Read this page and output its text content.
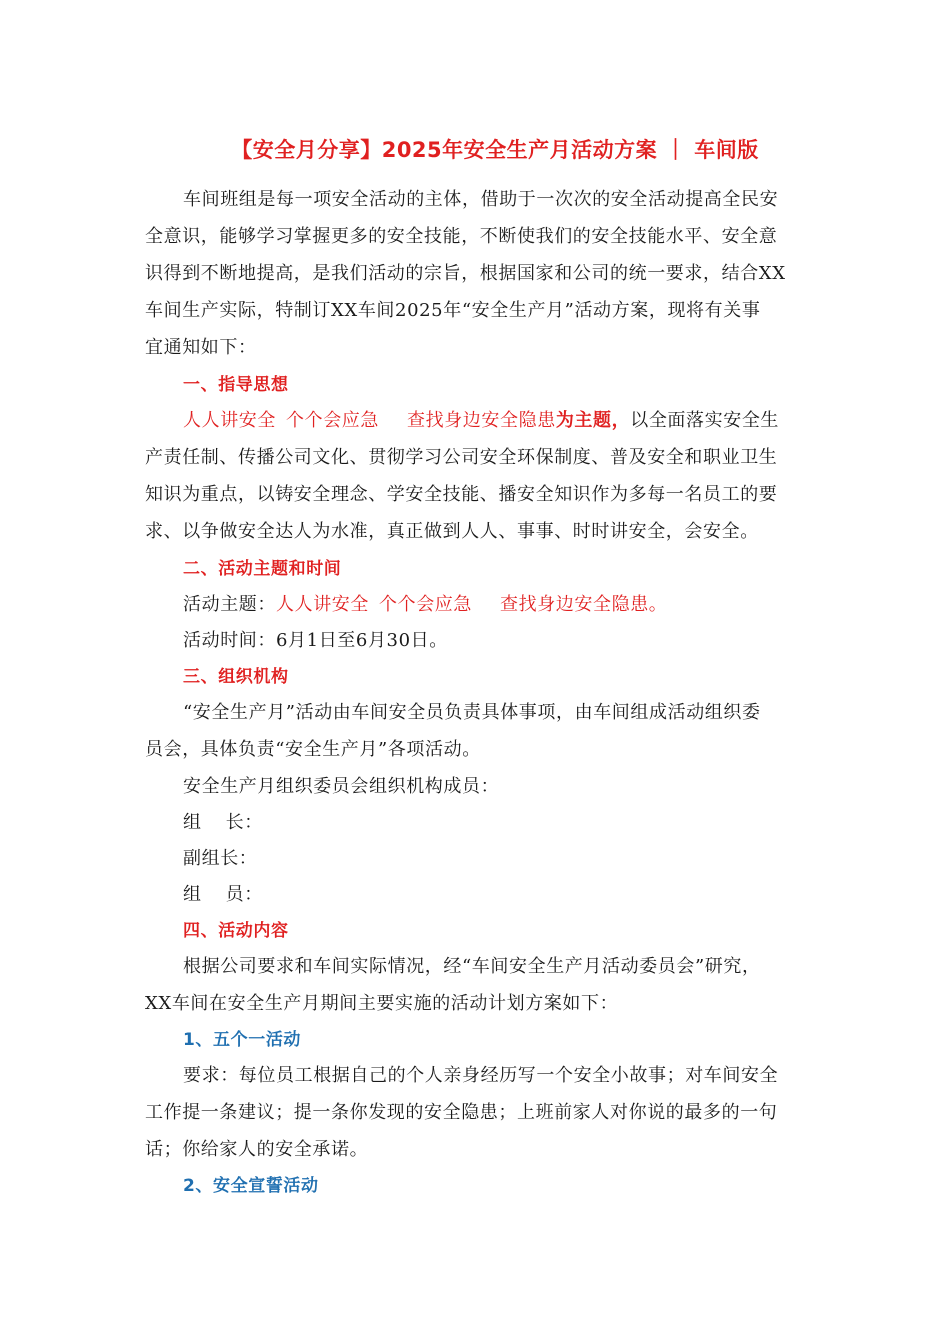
【安全月分享】2025年安全生产月活动方案 ｜ 车间版
车间班组是每一项安全活动的主体，借助于一次次的安全活动提高全民安
全意识，能够学习掌握更多的安全技能，不断使我们的安全技能水平、安全意
识得到不断地提高，是我们活动的宗旨，根据国家和公司的统一要求，结合XX
车间生产实际，特制订XX车间2025年“安全生产月”活动方案，现将有关事
宜通知如下：
一、指导思想
人人讲安全 个个会应急 查找身边安全隐患为主题，以全面落实安全生
产责任制、传播公司文化、贯彻学习公司安全环保制度、普及安全和职业卫生
知识为重点，以铸安全理念、学安全技能、播安全知识作为多每一名员工的要
求、以争做安全达人为水准，真正做到人人、事事、时时讲安全，会安全。
二、活动主题和时间
活动主题：人人讲安全 个个会应急 查找身边安全隐患。
活动时间：6月1日至6月30日。
三、组织机构
“安全生产月”活动由车间安全员负责具体事项，由车间组成活动组织委
员会，具体负责“安全生产月”各项活动。
安全生产月组织委员会组织机构成员：
组 长：
副组长：
组 员：
四、活动内容
根据公司要求和车间实际情况，经“车间安全生产月活动委员会”研究，
XX车间在安全生产月期间主要实施的活动计划方案如下：
1、五个一活动
要求：每位员工根据自己的个人亲身经历写一个安全小故事；对车间安全
工作提一条建议；提一条你发现的安全隐患；上班前家人对你说的最多的一句
话；你给家人的安全承诺。
2、安全宣誓活动
